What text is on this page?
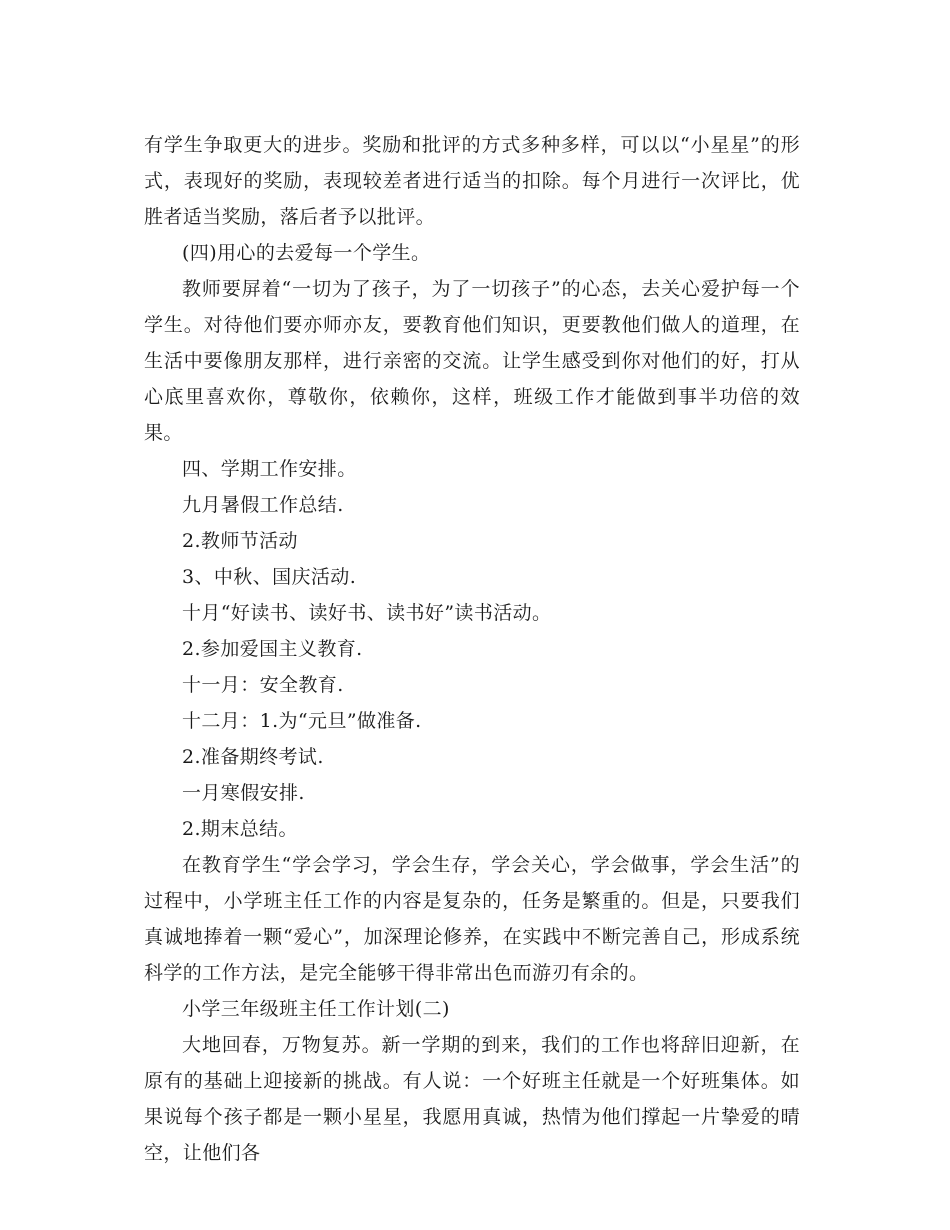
有学生争取更大的进步。奖励和批评的方式多种多样，可以以“小星星”的形式，表现好的奖励，表现较差者进行适当的扣除。每个月进行一次评比，优胜者适当奖励，落后者予以批评。

(四)用心的去爱每一个学生。

教师要屏着“一切为了孩子，为了一切孩子”的心态，去关心爱护每一个学生。对待他们要亦师亦友，要教育他们知识，更要教他们做人的道理，在生活中要像朋友那样，进行亲密的交流。让学生感受到你对他们的好，打从心底里喜欢你，尊敬你，依赖你，这样，班级工作才能做到事半功倍的效果。

四、学期工作安排。

九月暑假工作总结.

2.教师节活动

3、中秋、国庆活动.

十月“好读书、读好书、读书好”读书活动。

2.参加爱国主义教育.

十一月：安全教育.

十二月：1.为“元旦”做准备.

2.准备期终考试.

一月寒假安排.

2.期末总结。

在教育学生“学会学习，学会生存，学会关心，学会做事，学会生活”的过程中，小学班主任工作的内容是复杂的，任务是繁重的。但是，只要我们真诚地捧着一颗“爱心”，加深理论修养，在实践中不断完善自己，形成系统科学的工作方法，是完全能够干得非常出色而游刃有余的。

小学三年级班主任工作计划(二)

大地回春，万物复苏。新一学期的到来，我们的工作也将辞旧迎新，在原有的基础上迎接新的挑战。有人说：一个好班主任就是一个好班集体。如果说每个孩子都是一颗小星星，我愿用真诚，热情为他们撑起一片挚爱的晴空，让他们各
